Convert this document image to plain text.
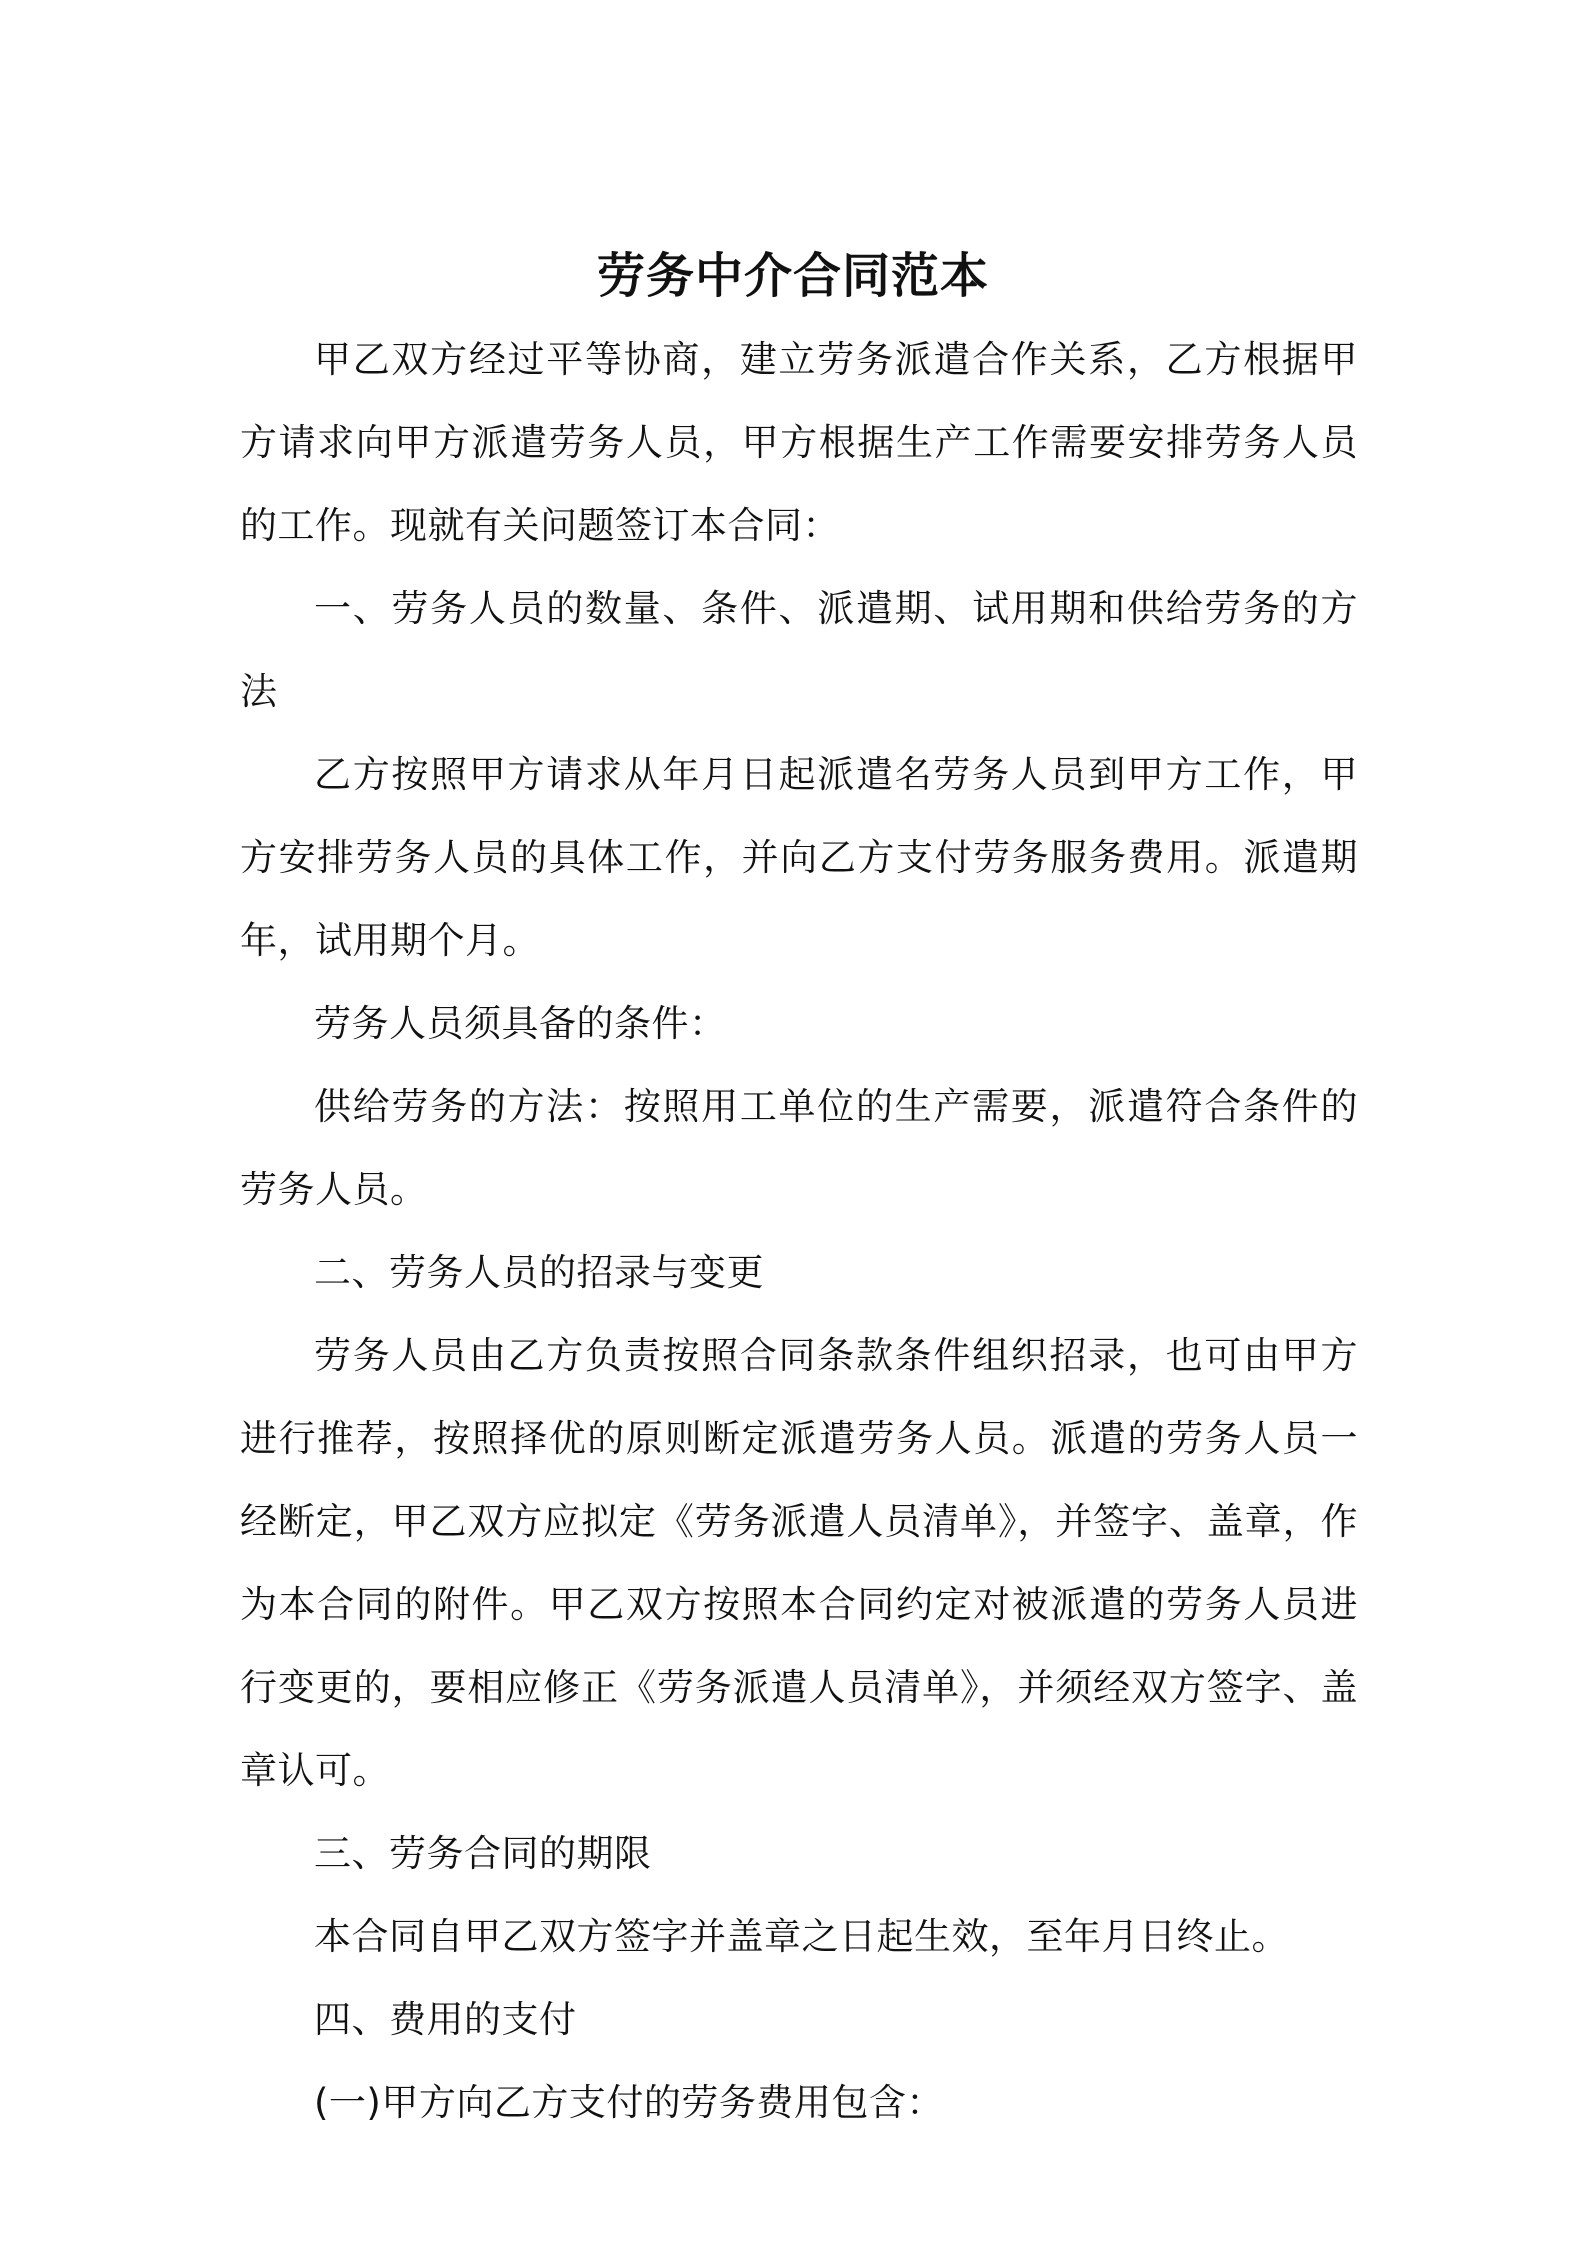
劳务中介合同范本

甲乙双方经过平等协商，建立劳务派遣合作关系，乙方根据甲方请求向甲方派遣劳务人员，甲方根据生产工作需要安排劳务人员的工作。现就有关问题签订本合同：

一、劳务人员的数量、条件、派遣期、试用期和供给劳务的方法

乙方按照甲方请求从年月日起派遣名劳务人员到甲方工作，甲方安排劳务人员的具体工作，并向乙方支付劳务服务费用。派遣期年，试用期个月。

劳务人员须具备的条件：

供给劳务的方法：按照用工单位的生产需要，派遣符合条件的劳务人员。

二、劳务人员的招录与变更

劳务人员由乙方负责按照合同条款条件组织招录，也可由甲方进行推荐，按照择优的原则断定派遣劳务人员。派遣的劳务人员一经断定，甲乙双方应拟定《劳务派遣人员清单》，并签字、盖章，作为本合同的附件。甲乙双方按照本合同约定对被派遣的劳务人员进行变更的，要相应修正《劳务派遣人员清单》，并须经双方签字、盖章认可。

三、劳务合同的期限

本合同自甲乙双方签字并盖章之日起生效，至年月日终止。

四、费用的支付

(一)甲方向乙方支付的劳务费用包含：
